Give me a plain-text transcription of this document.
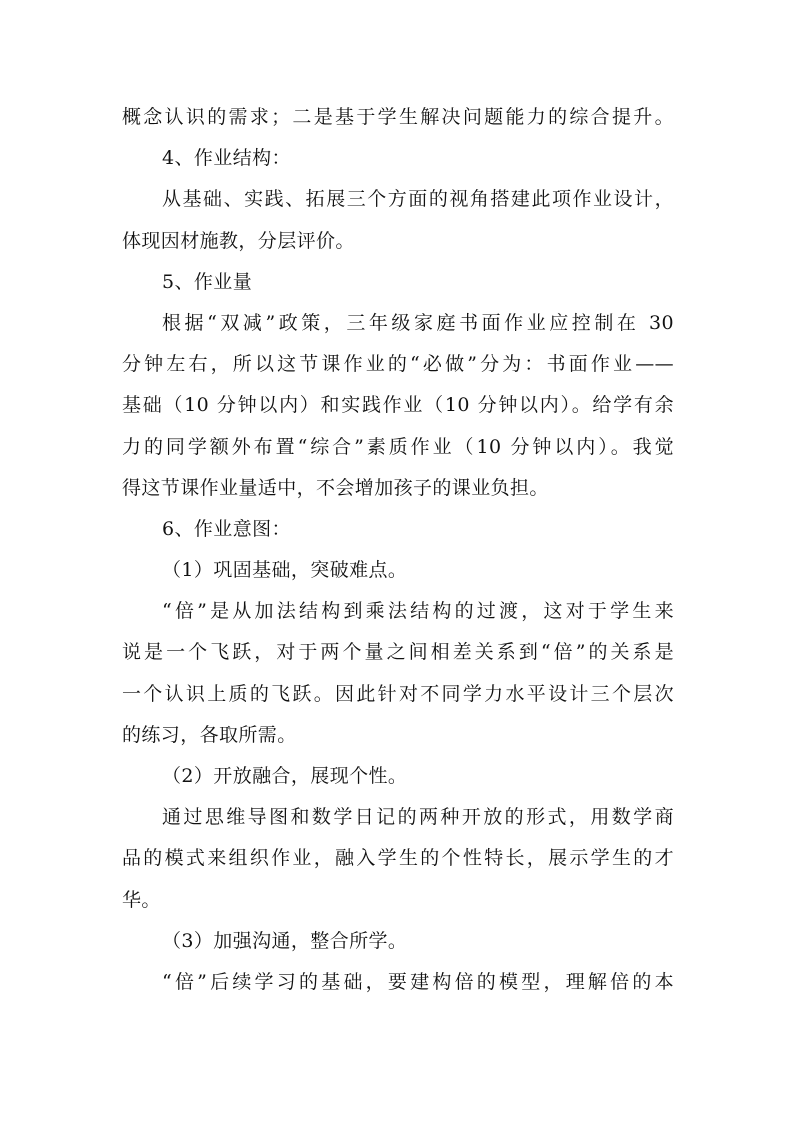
概念认识的需求；二是基于学生解决问题能力的综合提升。
4、作业结构：
从基础、实践、拓展三个方面的视角搭建此项作业设计，
体现因材施教，分层评价。
5、作业量
根据“双减”政策，三年级家庭书面作业应控制在 30
分钟左右，所以这节课作业的“必做”分为：书面作业——
基础（10 分钟以内）和实践作业（10 分钟以内）。给学有余
力的同学额外布置“综合”素质作业（10 分钟以内）。我觉
得这节课作业量适中，不会增加孩子的课业负担。
6、作业意图：
（1）巩固基础，突破难点。
“倍”是从加法结构到乘法结构的过渡，这对于学生来
说是一个飞跃，对于两个量之间相差关系到“倍”的关系是
一个认识上质的飞跃。因此针对不同学力水平设计三个层次
的练习，各取所需。
（2）开放融合，展现个性。
通过思维导图和数学日记的两种开放的形式，用数学商
品的模式来组织作业，融入学生的个性特长，展示学生的才
华。
（3）加强沟通，整合所学。
“倍”后续学习的基础，要建构倍的模型，理解倍的本
